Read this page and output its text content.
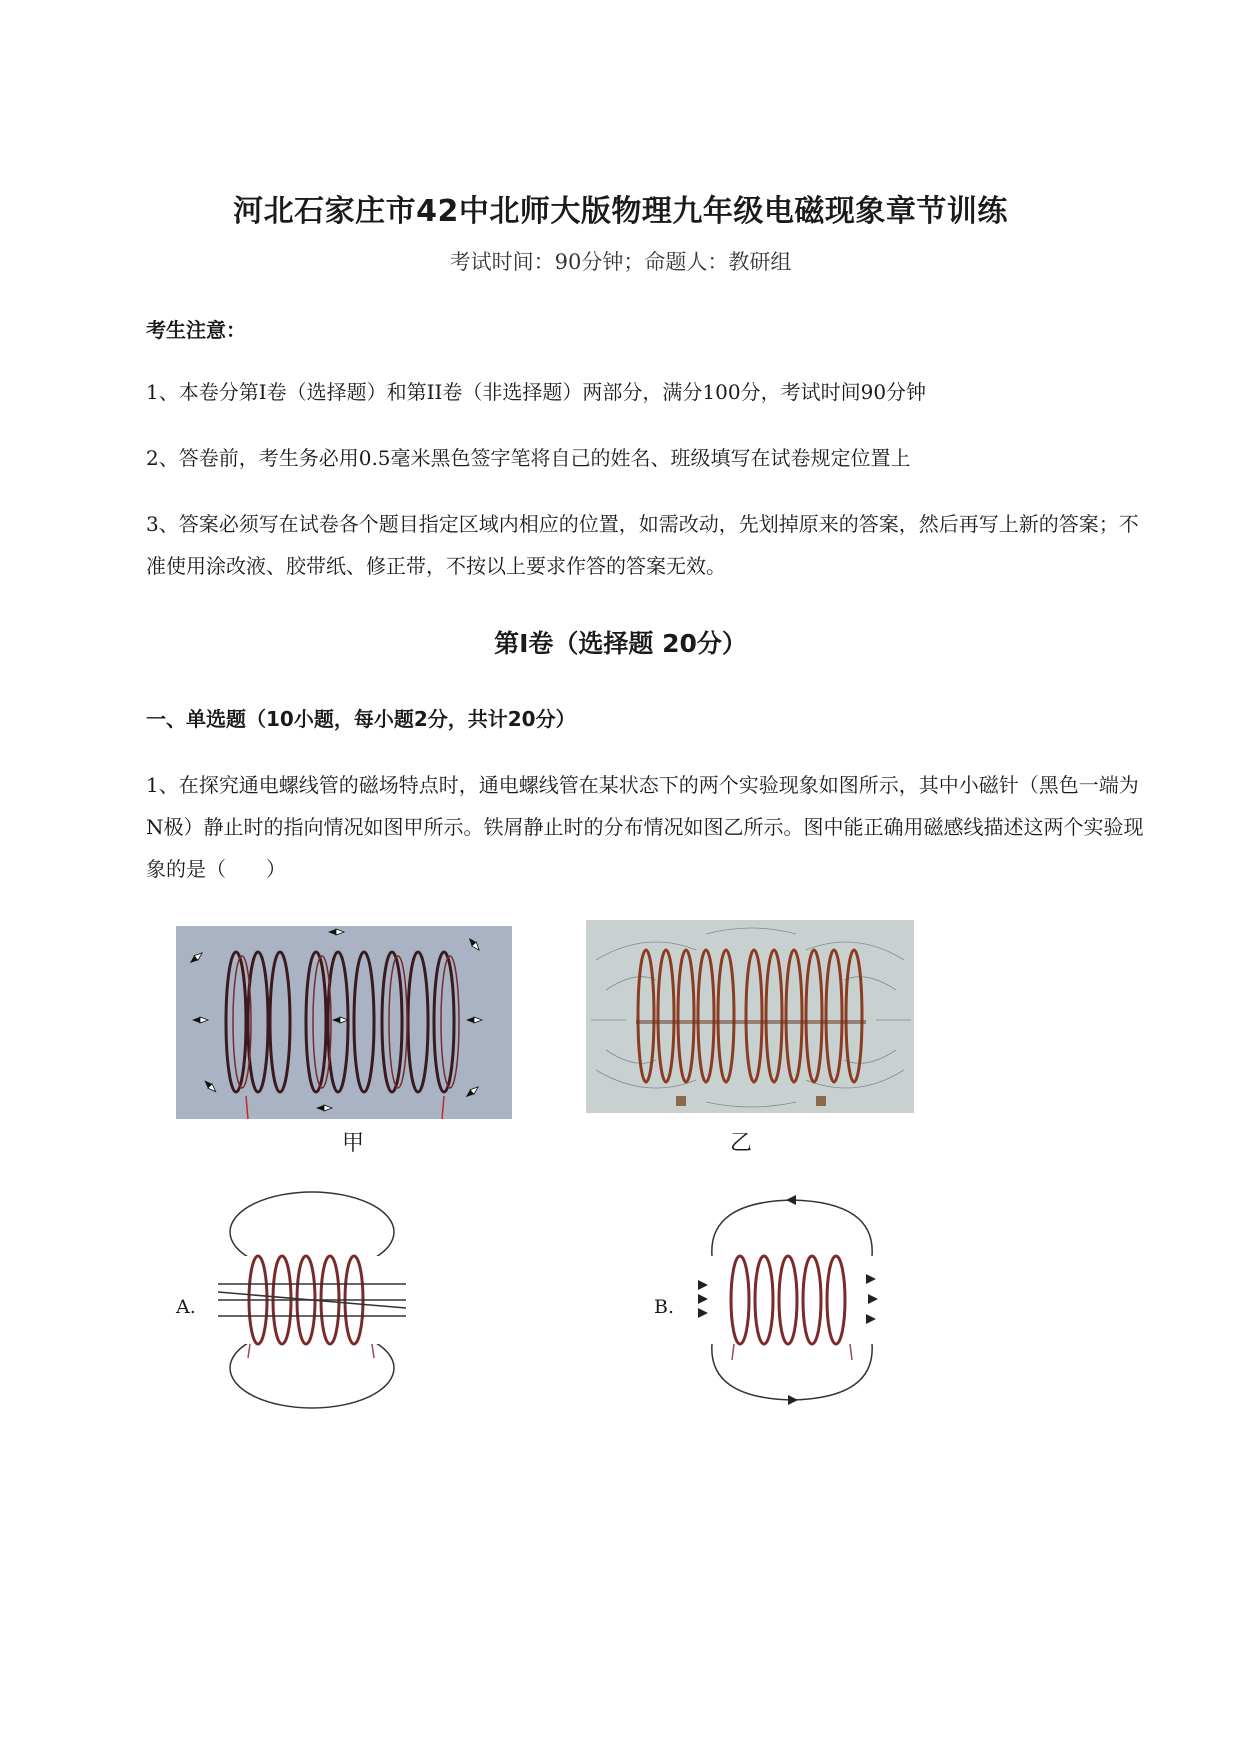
河北石家庄市42中北师大版物理九年级电磁现象章节训练
考试时间：90分钟；命题人：教研组
考生注意：
1、本卷分第I卷（选择题）和第II卷（非选择题）两部分，满分100分，考试时间90分钟
2、答卷前，考生务必用0.5毫米黑色签字笔将自己的姓名、班级填写在试卷规定位置上
3、答案必须写在试卷各个题目指定区域内相应的位置，如需改动，先划掉原来的答案，然后再写上新的答案；不准使用涂改液、胶带纸、修正带，不按以上要求作答的答案无效。
第I卷（选择题 20分）
一、单选题（10小题，每小题2分，共计20分）
1、在探究通电螺线管的磁场特点时，通电螺线管在某状态下的两个实验现象如图所示，其中小磁针（黑色一端为N极）静止时的指向情况如图甲所示。铁屑静止时的分布情况如图乙所示。图中能正确用磁感线描述这两个实验现象的是（　　）
甲	乙
A.	B.
